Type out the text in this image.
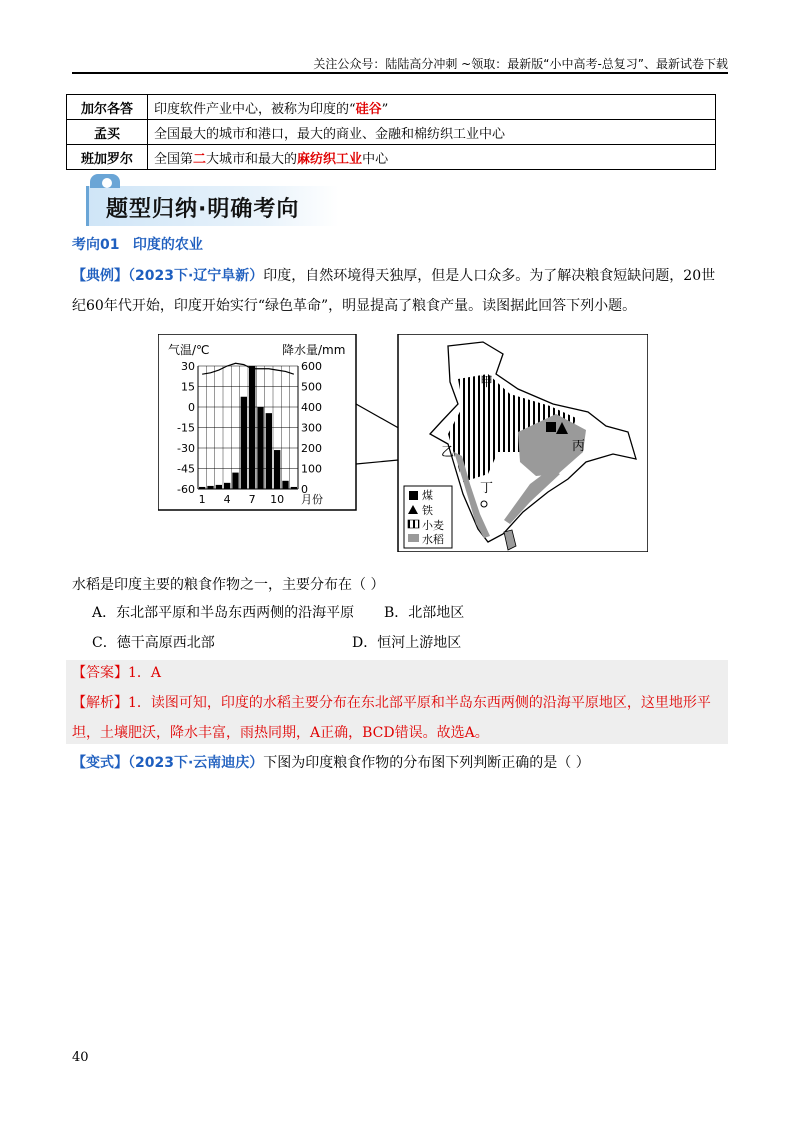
关注公众号：陆陆高分冲刺 ~领取：最新版“小中高考-总复习”、最新试卷下载
加尔各答	印度软件产业中心，被称为印度的“硅谷”
孟买	全国最大的城市和港口，最大的商业、金融和棉纺织工业中心
班加罗尔	全国第二大城市和最大的麻纺织工业中心
题型归纳·明确考向
考向01 印度的农业
【典例】（2023下·辽宁阜新）印度，自然环境得天独厚，但是人口众多。为了解决粮食短缺问题，20世
纪60年代开始，印度开始实行“绿色革命”，明显提高了粮食产量。读图据此回答下列小题。
气温/℃	降水量/mm
30
15
0
-15
-30
-45
-60
600
500
400
300
200
100
0
1 4 7 10 月份
甲
乙	丙
丁
煤
铁
小麦
水稻
水稻是印度主要的粮食作物之一，主要分布在（ ）
A．东北部平原和半岛东西两侧的沿海平原	B．北部地区
C．德干高原西北部	D．恒河上游地区
【答案】1．A
【解析】1．读图可知，印度的水稻主要分布在东北部平原和半岛东西两侧的沿海平原地区，这里地形平
坦，土壤肥沃，降水丰富，雨热同期，A正确，BCD错误。故选A。
【变式】（2023下·云南迪庆）下图为印度粮食作物的分布图下列判断正确的是（ ）
40
